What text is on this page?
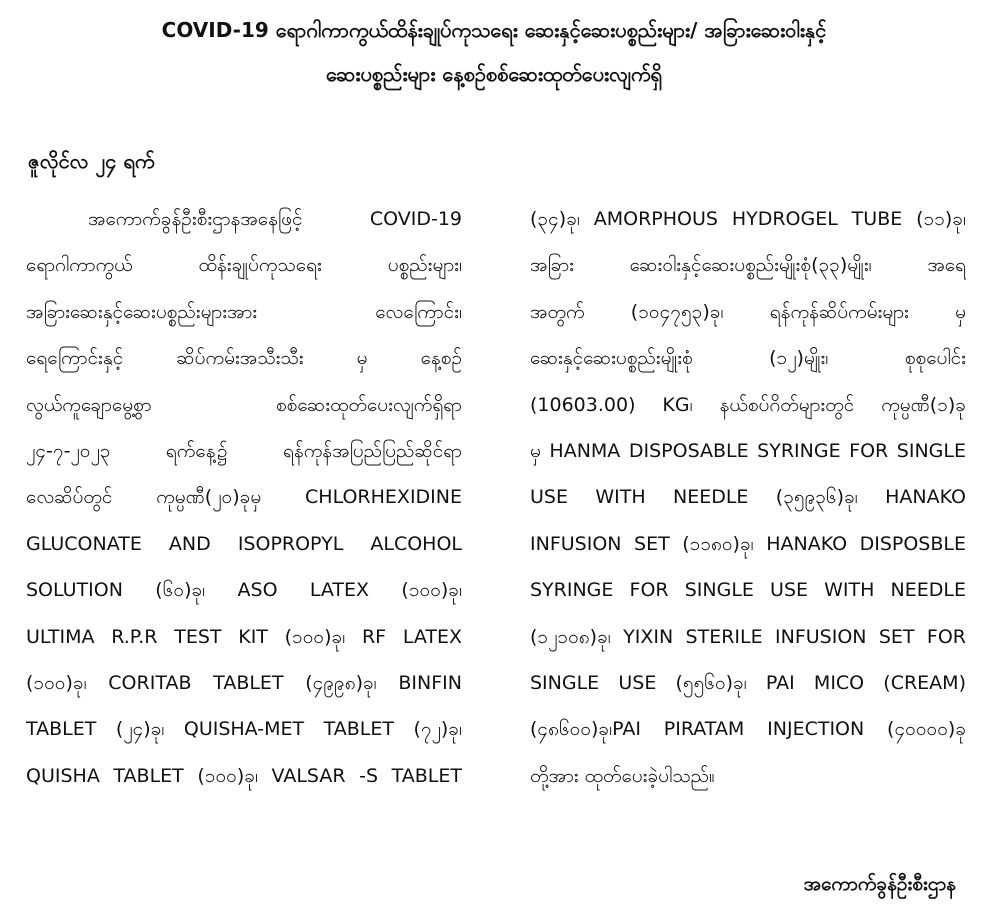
COVID-19 ရောဂါကာကွယ်ထိန်းချုပ်ကုသရေး ဆေးနှင့်ဆေးပစ္စည်းများ/ အခြားဆေးဝါးနှင့်
ဆေးပစ္စည်းများ နေ့စဉ်စစ်ဆေးထုတ်ပေးလျက်ရှိ
ဇူလိုင်လ ၂၄ ရက်
အကောက်ခွန်ဦးစီးဌာနအနေဖြင့် COVID-19
ရောဂါကာကွယ် ထိန်းချုပ်ကုသရေး ပစ္စည်းများ၊
အခြားဆေးနှင့်ဆေးပစ္စည်းများအား လေကြောင်း၊
ရေကြောင်းနှင့် ဆိပ်ကမ်းအသီးသီး မှ နေ့စဉ်
လွယ်ကူချောမွေ့စွာ စစ်ဆေးထုတ်ပေးလျက်ရှိရာ
၂၄-၇-၂၀၂၃ ရက်နေ့၌ ရန်ကုန်အပြည်ပြည်ဆိုင်ရာ
လေဆိပ်တွင် ကုမ္ပဏီ(၂၀)ခုမှ CHLORHEXIDINE
GLUCONATE AND ISOPROPYL ALCOHOL
SOLUTION (၆၀)ခု၊ ASO LATEX (၁၀၀)ခု၊
ULTIMA R.P.R TEST KIT (၁၀၀)ခု၊ RF LATEX
(၁၀၀)ခု၊ CORITAB TABLET (၄၉၉၈)ခု၊ BINFIN
TABLET (၂၄)ခု၊ QUISHA-MET TABLET (၇၂)ခု၊
QUISHA TABLET (၁၀၀)ခု၊ VALSAR -S TABLET
(၃၄)ခု၊ AMORPHOUS HYDROGEL TUBE (၁၁)ခု၊
အခြား ဆေးဝါးနှင့်ဆေးပစ္စည်းမျိုးစုံ(၃၃)မျိုး၊ အရေ
အတွက် (၁၀၄၇၅၃)ခု၊ ရန်ကုန်ဆိပ်ကမ်းများ မှ
ဆေးနှင့်ဆေးပစ္စည်းမျိုးစုံ (၁၂)မျိုး၊ စုစုပေါင်း
(10603.00) KG၊ နယ်စပ်ဂိတ်များတွင် ကုမ္ပဏီ(၁)ခု
မှ HANMA DISPOSABLE SYRINGE FOR SINGLE
USE WITH NEEDLE (၃၅၉၃၆)ခု၊ HANAKO
INFUSION SET (၁၁၈၀)ခု၊ HANAKO DISPOSBLE
SYRINGE FOR SINGLE USE WITH NEEDLE
(၁၂၁၀၈)ခု၊ YIXIN STERILE INFUSION SET FOR
SINGLE USE (၅၅၆၀)ခု၊ PAI MICO (CREAM)
(၄၈၆၀၀)ခု၊PAI PIRATAM INJECTION (၄၀၀၀၀)ခု
တို့အား ထုတ်ပေးခဲ့ပါသည်။
အကောက်ခွန်ဦးစီးဌာန
